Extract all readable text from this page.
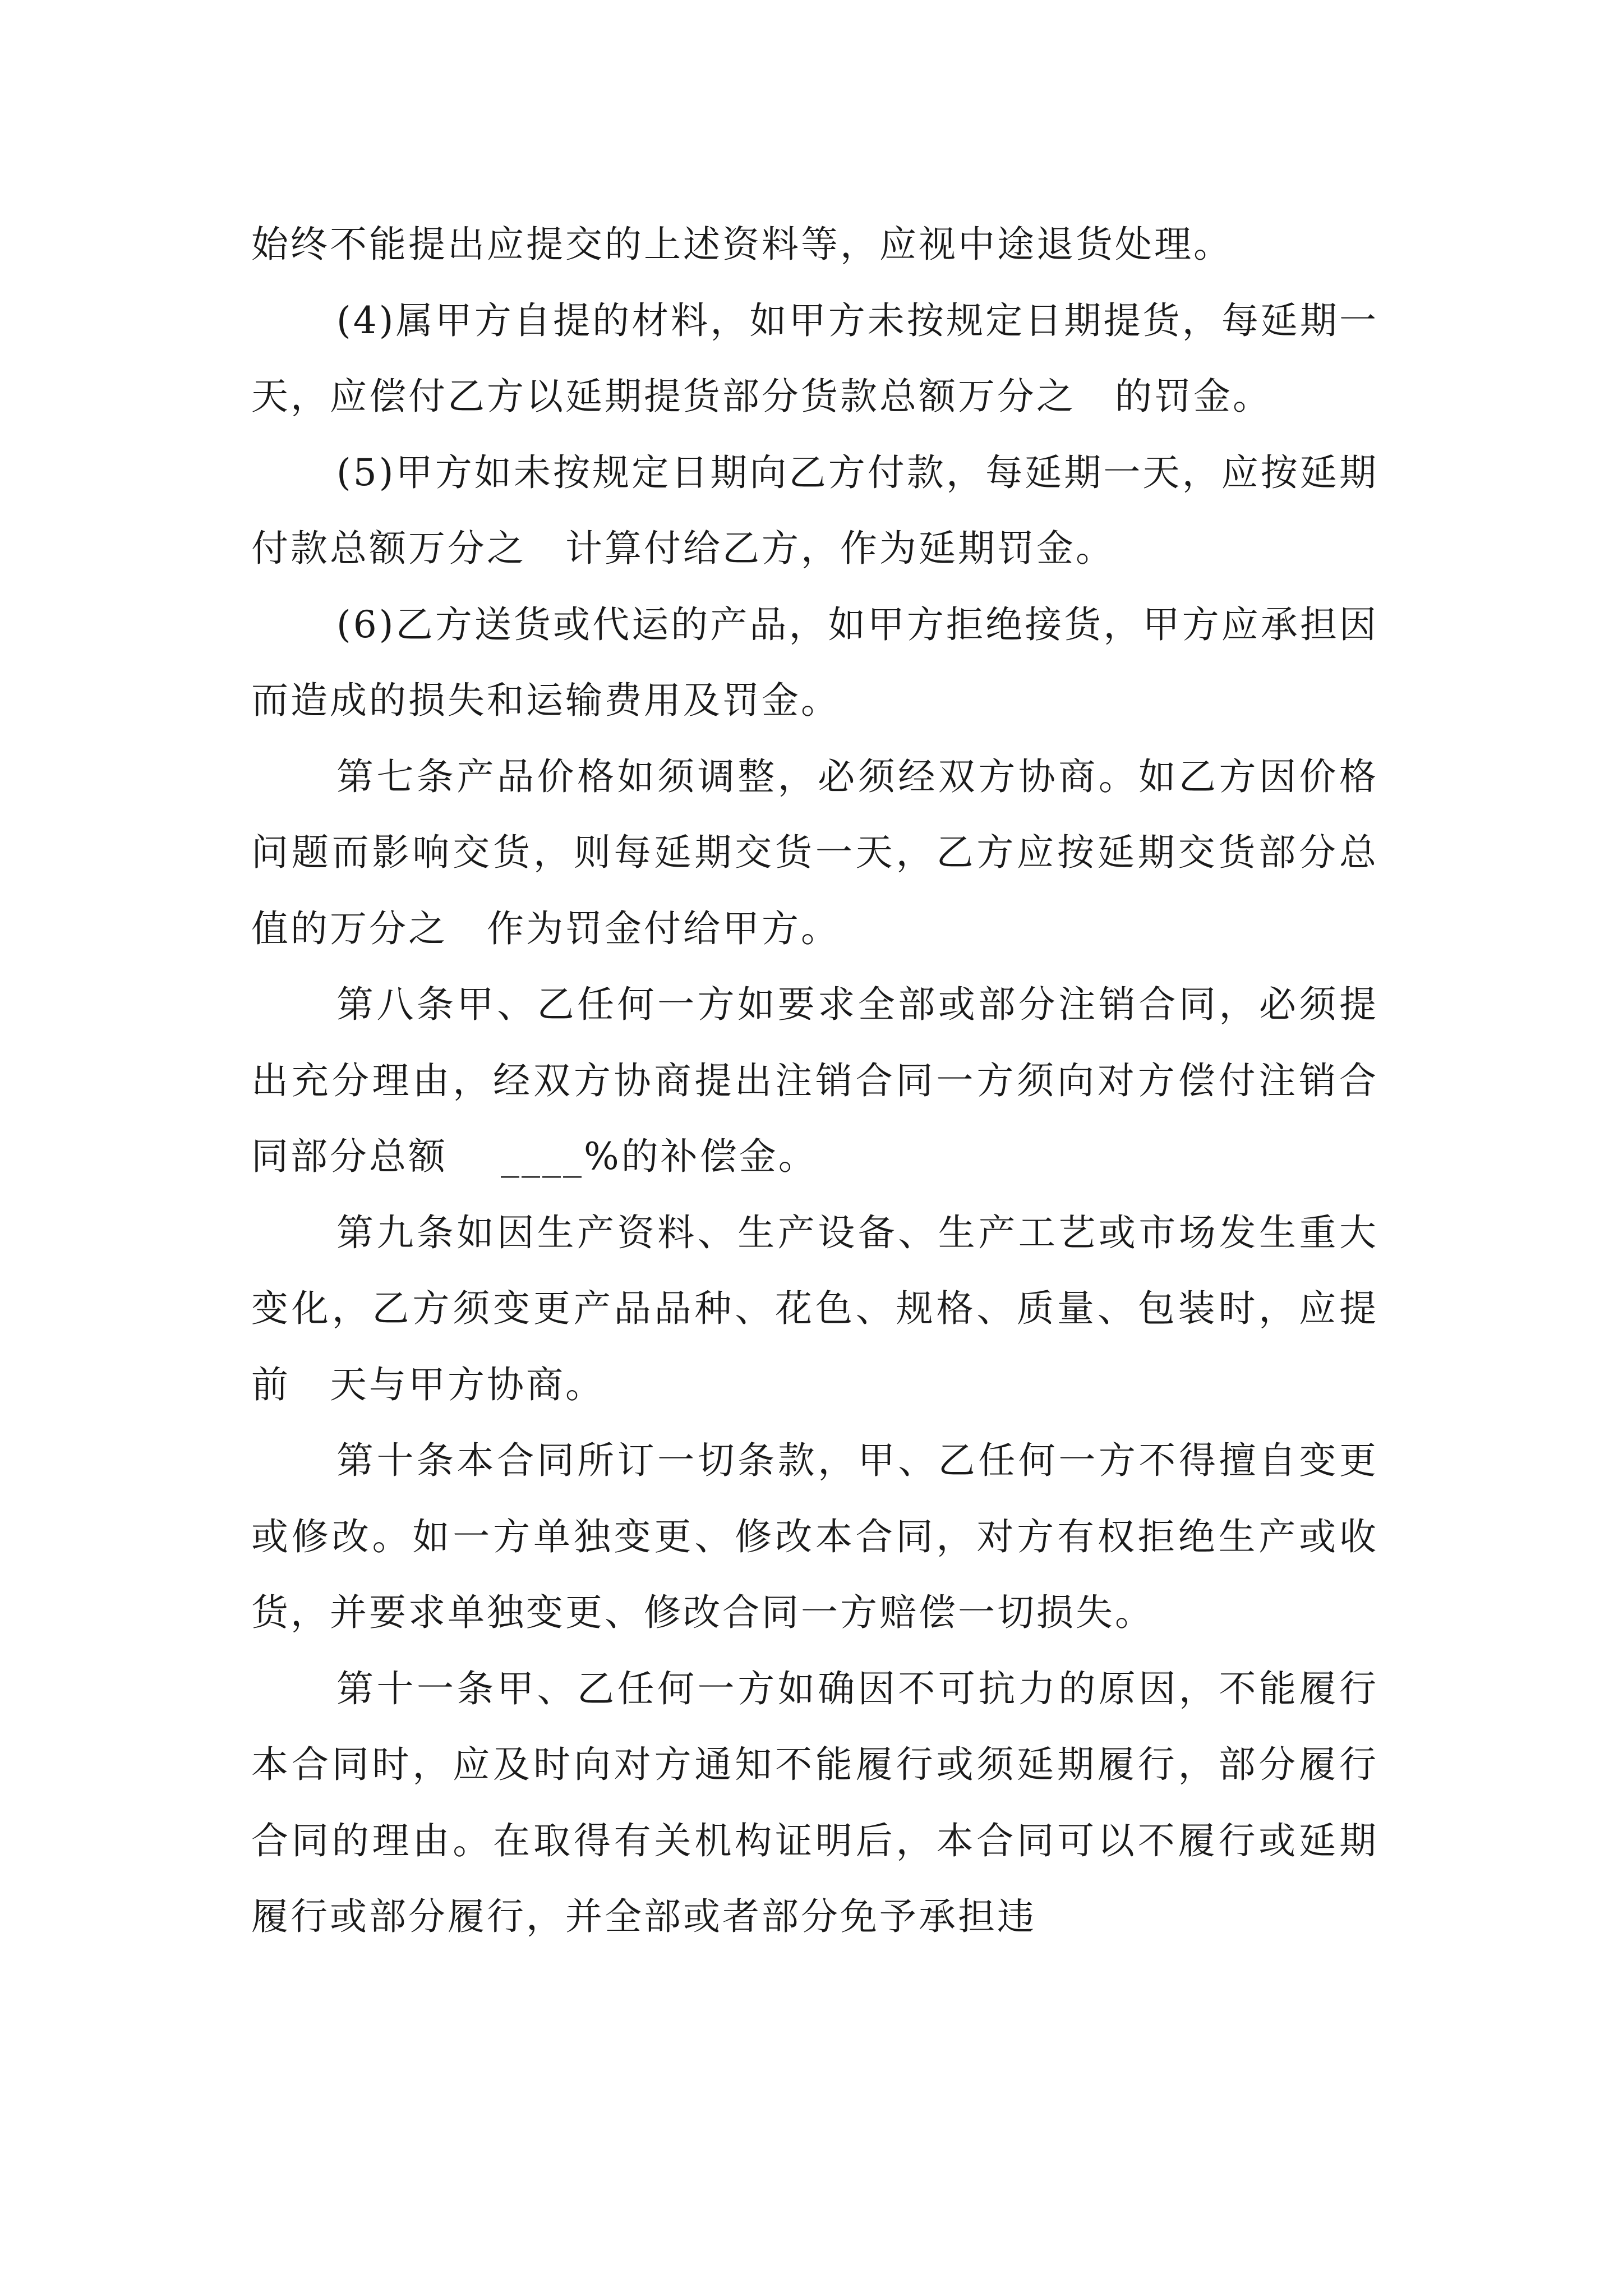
始终不能提出应提交的上述资料等，应视中途退货处理。

(4)属甲方自提的材料，如甲方未按规定日期提货，每延期一天，应偿付乙方以延期提货部分货款总额万分之　的罚金。

(5)甲方如未按规定日期向乙方付款，每延期一天，应按延期付款总额万分之　计算付给乙方，作为延期罚金。

(6)乙方送货或代运的产品，如甲方拒绝接货，甲方应承担因而造成的损失和运输费用及罚金。

第七条产品价格如须调整，必须经双方协商。如乙方因价格问题而影响交货，则每延期交货一天，乙方应按延期交货部分总值的万分之　作为罚金付给甲方。

第八条甲、乙任何一方如要求全部或部分注销合同，必须提出充分理由，经双方协商提出注销合同一方须向对方偿付注销合同部分总额　 ____%的补偿金。

第九条如因生产资料、生产设备、生产工艺或市场发生重大变化，乙方须变更产品品种、花色、规格、质量、包装时，应提前　天与甲方协商。

第十条本合同所订一切条款，甲、乙任何一方不得擅自变更或修改。如一方单独变更、修改本合同，对方有权拒绝生产或收货，并要求单独变更、修改合同一方赔偿一切损失。

第十一条甲、乙任何一方如确因不可抗力的原因，不能履行本合同时，应及时向对方通知不能履行或须延期履行，部分履行合同的理由。在取得有关机构证明后，本合同可以不履行或延期履行或部分履行，并全部或者部分免予承担违
